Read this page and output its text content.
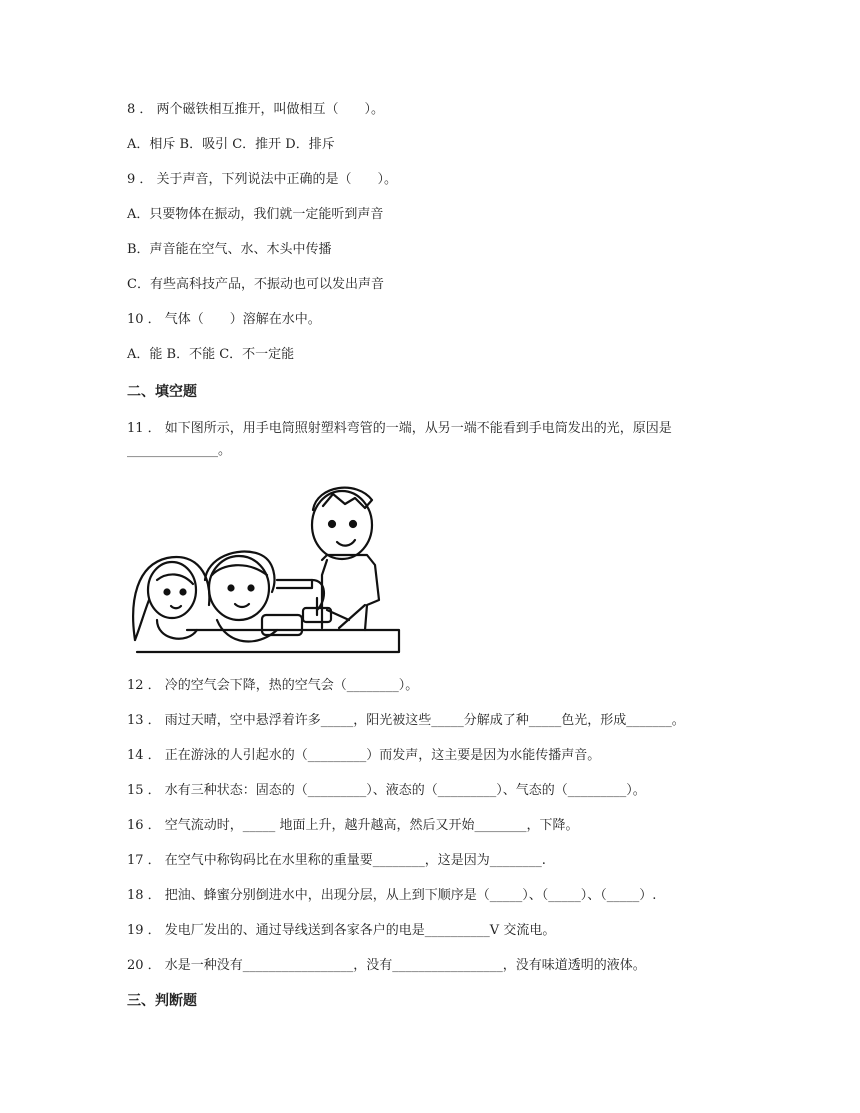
8 ． 两个磁铁相互推开，叫做相互（　　）。
A．相斥 B．吸引 C．推开 D．排斥
9 ． 关于声音，下列说法中正确的是（　　）。
A．只要物体在振动，我们就一定能听到声音
B．声音能在空气、水、木头中传播
C．有些高科技产品，不振动也可以发出声音
10 ． 气体（　　）溶解在水中。
A．能 B．不能 C．不一定能
二、填空题
11 ． 如下图所示，用手电筒照射塑料弯管的一端，从另一端不能看到手电筒发出的光，原因是
______________。
12 ． 冷的空气会下降，热的空气会（________）。
13 ． 雨过天晴，空中悬浮着许多_____，阳光被这些_____分解成了种_____色光，形成_______。
14 ． 正在游泳的人引起水的（_________）而发声，这主要是因为水能传播声音。
15 ． 水有三种状态：固态的（_________）、液态的（_________）、气态的（_________）。
16 ． 空气流动时，_____ 地面上升，越升越高，然后又开始________，下降。
17 ． 在空气中称钩码比在水里称的重量要________，这是因为________.
18 ． 把油、蜂蜜分别倒进水中，出现分层，从上到下顺序是（_____）、（_____）、（_____）.
19 ． 发电厂发出的、通过导线送到各家各户的电是__________V 交流电。
20 ． 水是一种没有_________________，没有_________________，没有味道透明的液体。
三、判断题
